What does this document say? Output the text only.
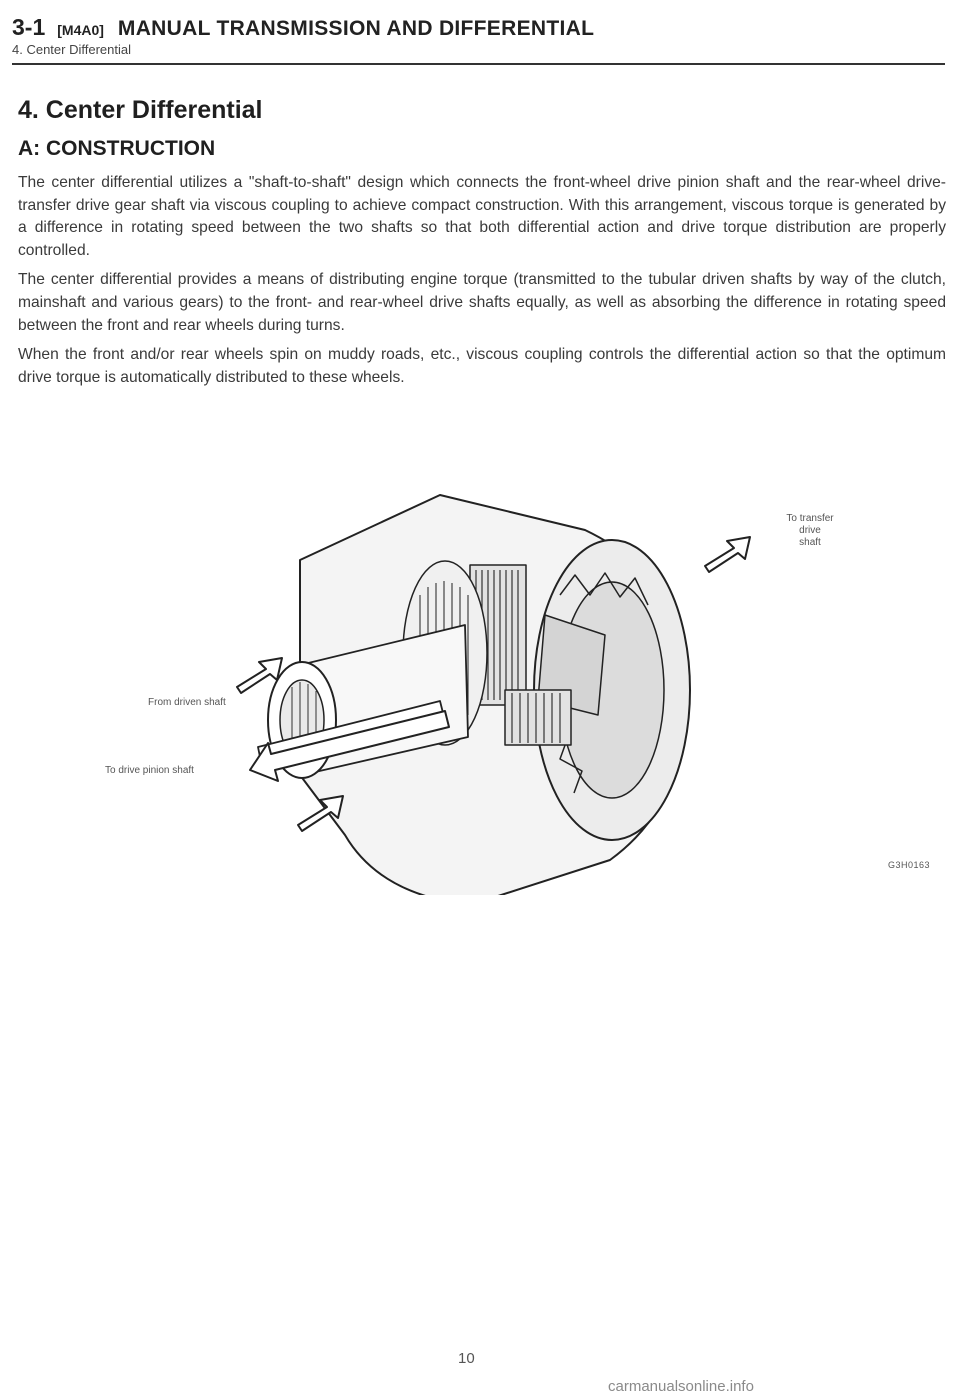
3-1 [M4A0] MANUAL TRANSMISSION AND DIFFERENTIAL
4. Center Differential
4. Center Differential
A: CONSTRUCTION

The center differential utilizes a "shaft-to-shaft" design which connects the front-wheel drive pinion shaft and the rear-wheel drive-transfer drive gear shaft via viscous coupling to achieve compact construction. With this arrangement, viscous torque is generated by a difference in rotating speed between the two shafts so that both differential action and drive torque distribution are properly controlled.

The center differential provides a means of distributing engine torque (transmitted to the tubular driven shafts by way of the clutch, mainshaft and various gears) to the front- and rear-wheel drive shafts equally, as well as absorbing the difference in rotating speed between the front and rear wheels during turns.

When the front and/or rear wheels spin on muddy roads, etc., viscous coupling controls the differential action so that the optimum drive torque is automatically distributed to these wheels.

To transfer
drive
shaft
From driven shaft
To drive pinion shaft
G3H0163
10
carmanualsonline.info
